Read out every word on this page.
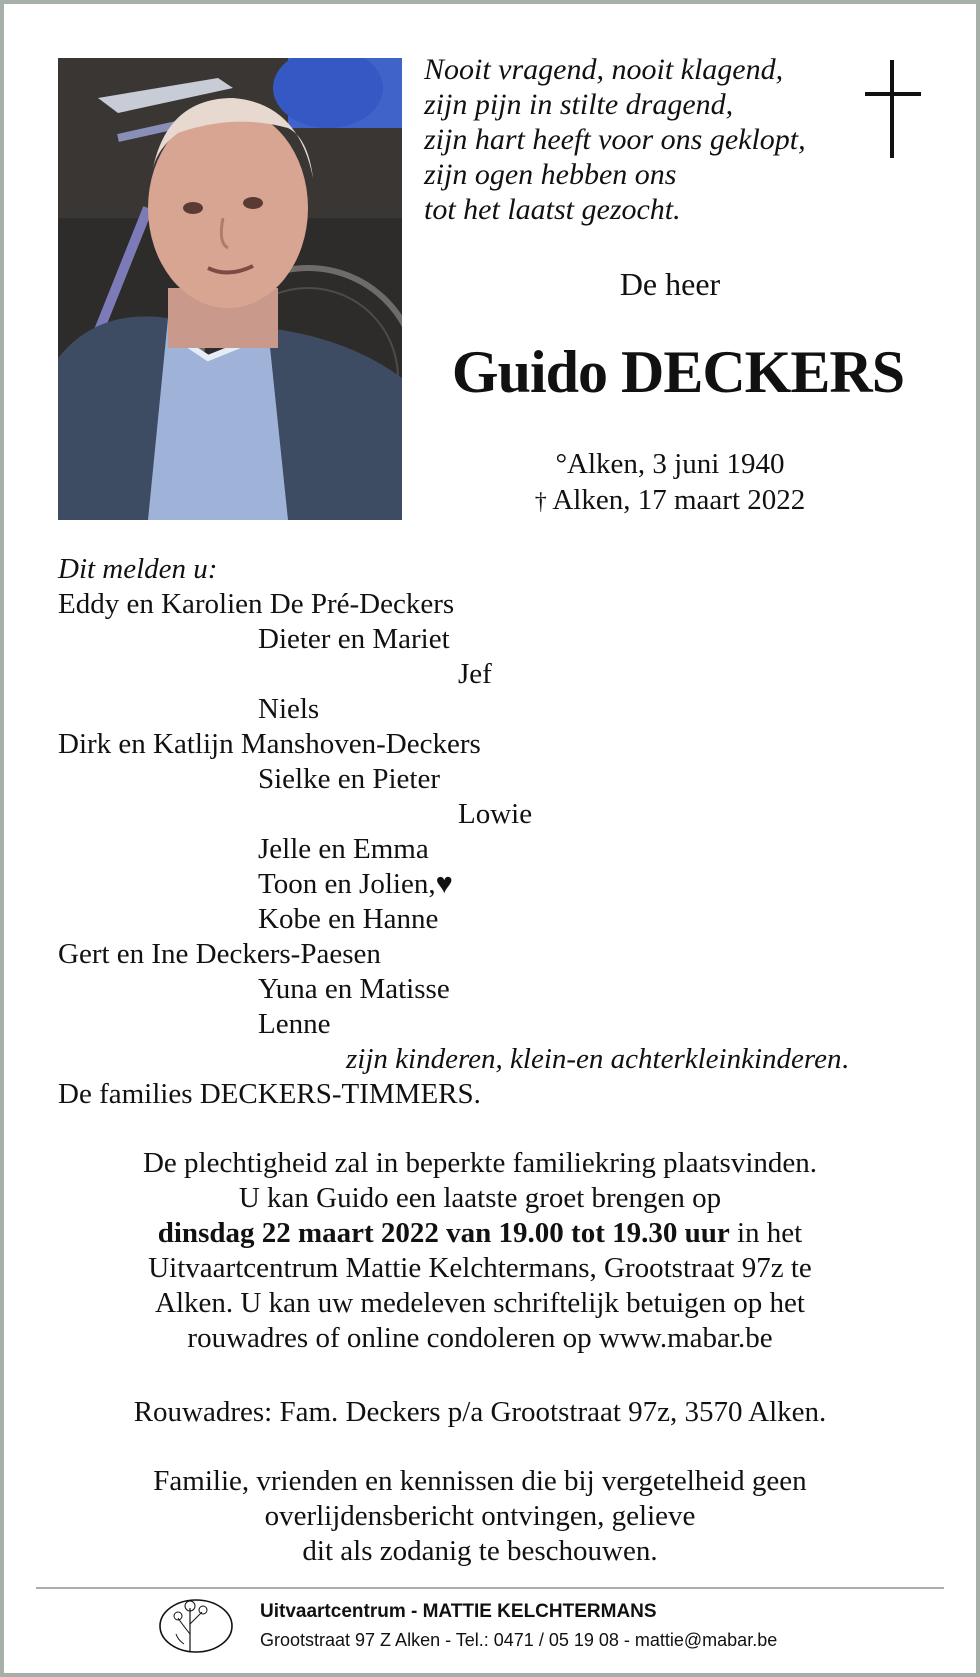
Nooit vragend, nooit klagend,
zijn pijn in stilte dragend,
zijn hart heeft voor ons geklopt,
zijn ogen hebben ons
tot het laatst gezocht.
De heer
Guido DECKERS
°Alken, 3 juni 1940
† Alken, 17 maart 2022
Dit melden u:
Eddy en Karolien De Pré-Deckers
Dieter en Mariet
Jef
Niels
Dirk en Katlijn Manshoven-Deckers
Sielke en Pieter
Lowie
Jelle en Emma
Toon en Jolien,♥
Kobe en Hanne
Gert en Ine Deckers-Paesen
Yuna en Matisse
Lenne
zijn kinderen, klein-en achterkleinkinderen.
De families DECKERS-TIMMERS.
De plechtigheid zal in beperkte familiekring plaatsvinden.
U kan Guido een laatste groet brengen op
dinsdag 22 maart 2022 van 19.00 tot 19.30 uur in het
Uitvaartcentrum Mattie Kelchtermans, Grootstraat 97z te
Alken. U kan uw medeleven schriftelijk betuigen op het
rouwadres of online condoleren op www.mabar.be
Rouwadres: Fam. Deckers p/a Grootstraat 97z, 3570 Alken.
Familie, vrienden en kennissen die bij vergetelheid geen
overlijdensbericht ontvingen, gelieve
dit als zodanig te beschouwen.
Uitvaartcentrum - MATTIE KELCHTERMANS
Grootstraat 97 Z Alken - Tel.: 0471 / 05 19 08 - mattie@mabar.be
